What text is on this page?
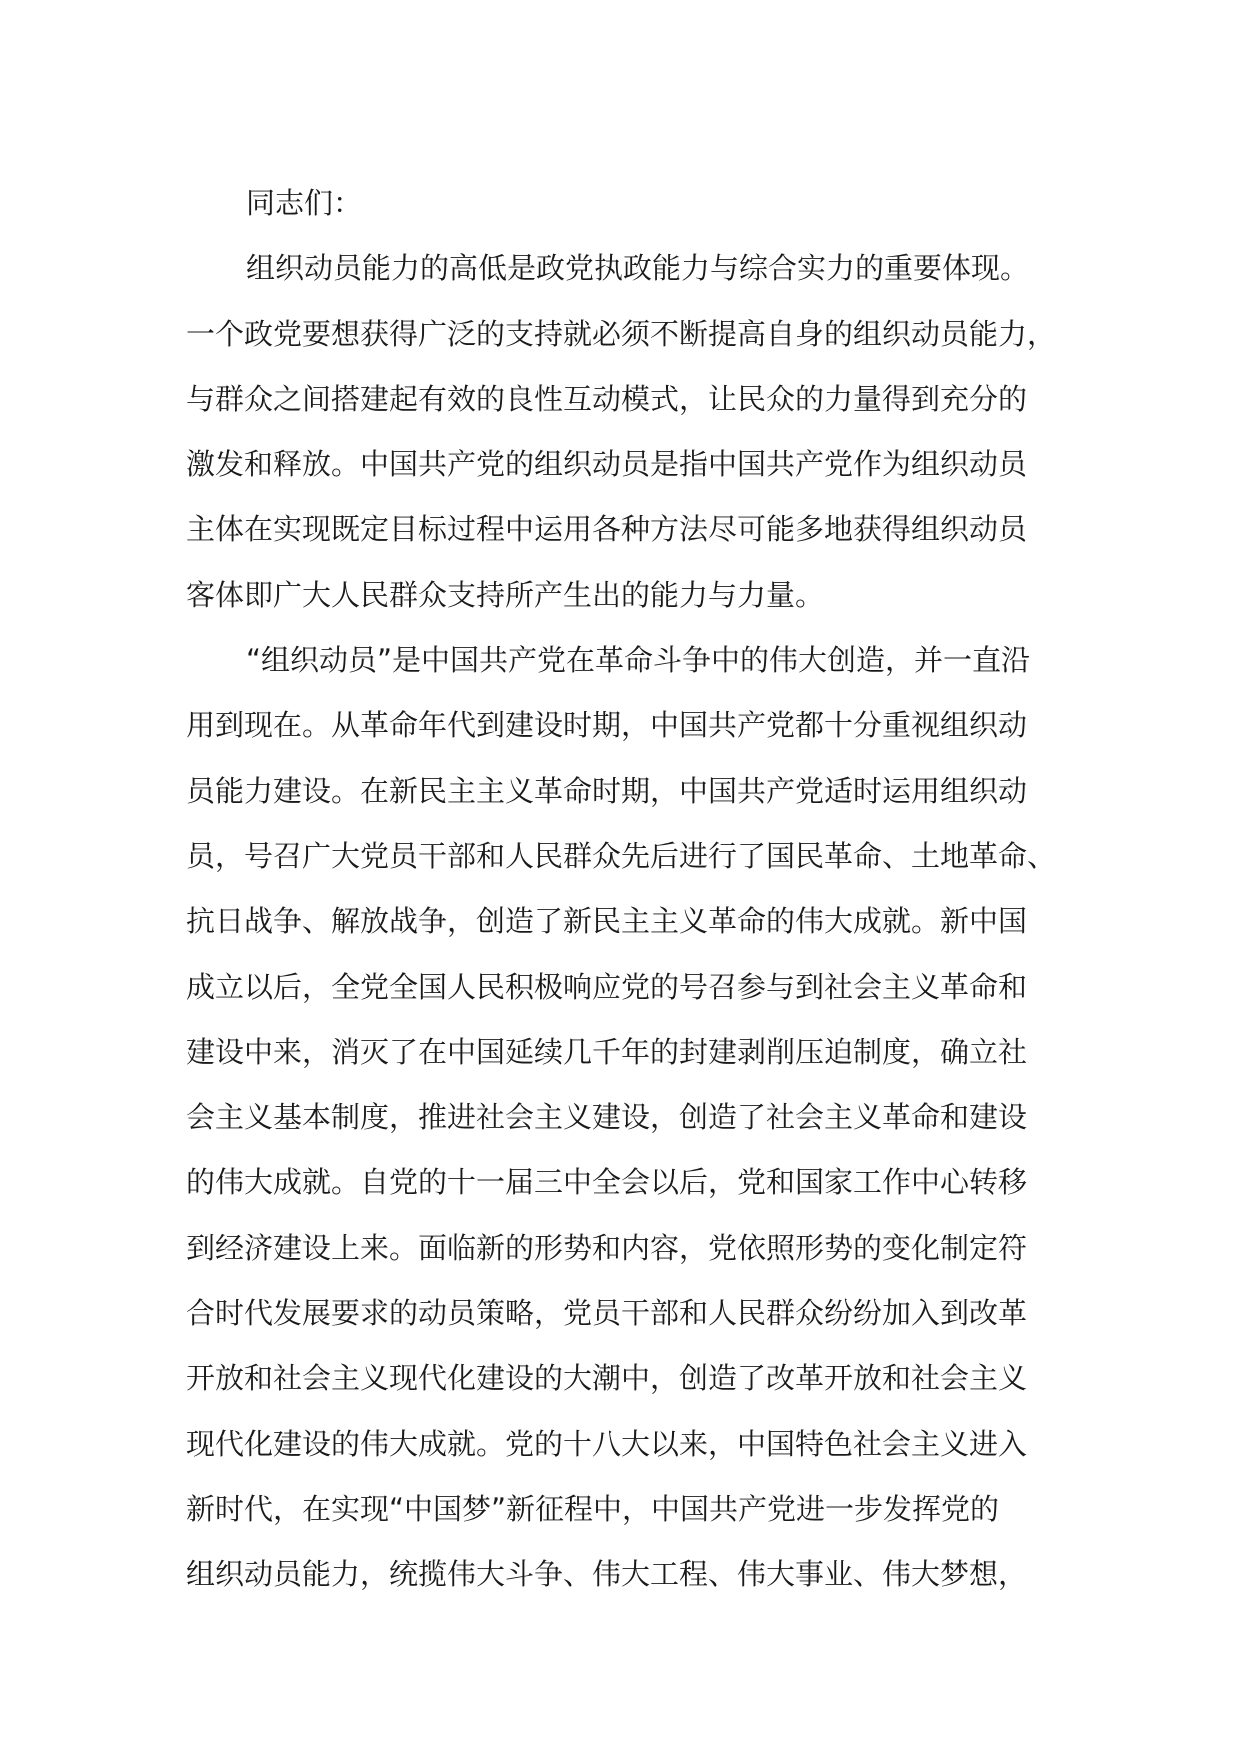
同志们：
组织动员能力的高低是政党执政能力与综合实力的重要体现。
一个政党要想获得广泛的支持就必须不断提高自身的组织动员能力，
与群众之间搭建起有效的良性互动模式，让民众的力量得到充分的
激发和释放。中国共产党的组织动员是指中国共产党作为组织动员
主体在实现既定目标过程中运用各种方法尽可能多地获得组织动员
客体即广大人民群众支持所产生出的能力与力量。
“组织动员”是中国共产党在革命斗争中的伟大创造，并一直沿
用到现在。从革命年代到建设时期，中国共产党都十分重视组织动
员能力建设。在新民主主义革命时期，中国共产党适时运用组织动
员，号召广大党员干部和人民群众先后进行了国民革命、土地革命、
抗日战争、解放战争，创造了新民主主义革命的伟大成就。新中国
成立以后，全党全国人民积极响应党的号召参与到社会主义革命和
建设中来，消灭了在中国延续几千年的封建剥削压迫制度，确立社
会主义基本制度，推进社会主义建设，创造了社会主义革命和建设
的伟大成就。自党的十一届三中全会以后，党和国家工作中心转移
到经济建设上来。面临新的形势和内容，党依照形势的变化制定符
合时代发展要求的动员策略，党员干部和人民群众纷纷加入到改革
开放和社会主义现代化建设的大潮中，创造了改革开放和社会主义
现代化建设的伟大成就。党的十八大以来，中国特色社会主义进入
新时代，在实现“中国梦”新征程中，中国共产党进一步发挥党的
组织动员能力，统揽伟大斗争、伟大工程、伟大事业、伟大梦想，
